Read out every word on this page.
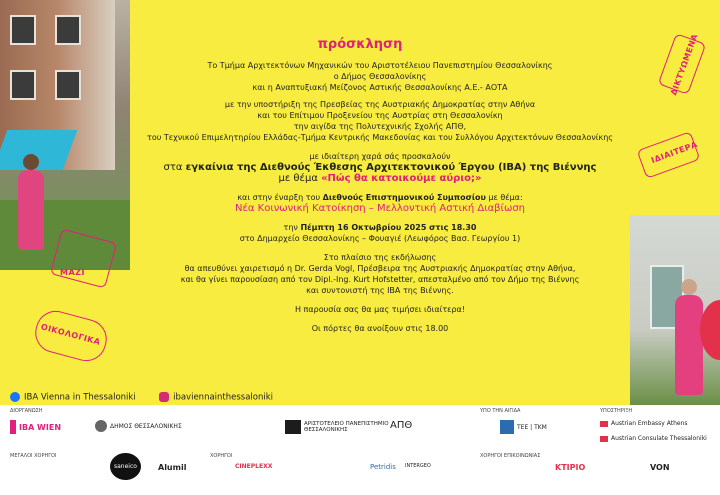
ΔΙΚΤΥΩΜΕΝΑ
ΙΔΙΑΙΤΕΡΑ
ΜΑΖΙ
ΟΙΚΟΛΟΓΙΚΑ
πρόσκληση
Το Τμήμα Αρχιτεκτόνων Μηχανικών του Αριστοτέλειου Πανεπιστημίου Θεσσαλονίκης
ο Δήμος Θεσσαλονίκης
και η Αναπτυξιακή Μείζονος Αστικής Θεσσαλονίκης Α.Ε.- ΑΟΤΑ
με την υποστήριξη της Πρεσβείας της Αυστριακής Δημοκρατίας στην Αθήνα
και του Επίτιμου Προξενείου της Αυστρίας στη Θεσσαλονίκη
την αιγίδα της Πολυτεχνικής Σχολής ΑΠΘ,
του Τεχνικού Επιμελητηρίου Ελλάδας-Τμήμα Κεντρικής Μακεδονίας και του Συλλόγου Αρχιτεκτόνων Θεσσαλονίκης
με ιδιαίτερη χαρά σάς προσκαλούν
στα εγκαίνια της Διεθνούς Έκθεσης Αρχιτεκτονικού Έργου (IBA) της Βιέννης
με θέμα «Πώς θα κατοικούμε αύριο;»
και στην έναρξη του Διεθνούς Επιστημονικού Συμποσίου με θέμα:
Νέα Κοινωνική Κατοίκηση – Μελλοντική Αστική Διαβίωση
την Πέμπτη 16 Οκτωβρίου 2025 στις 18.30
στο Δημαρχείο Θεσσαλονίκης – Φουαγιέ (Λεωφόρος Βασ. Γεωργίου 1)
Στο πλαίσιο της εκδήλωσης
θα απευθύνει χαιρετισμό η Dr. Gerda Vogl, Πρέσβειρα της Αυστριακής Δημοκρατίας στην Αθήνα,
και θα γίνει παρουσίαση από τον Dipl.-Ing. Kurt Hofstetter, απεσταλμένο από τον Δήμο της Βιέννης
και συντονιστή της ΙΒΑ της Βιέννης.
Η παρουσία σας θα μας τιμήσει ιδιαίτερα!
Οι πόρτες θα ανοίξουν στις 18.00
IBA Vienna in Thessaloniki	ibaviennainthessaloniki
ΔΙΟΡΓΑΝΩΣΗ	ΥΠΟ ΤΗΝ ΑΙΓΙΔΑ	ΥΠΟΣΤΗΡΙΞΗ
IBA WIEN	ΔΗΜΟΣ ΘΕΣΣΑΛΟΝΙΚΗΣ	ΑΡΙΣΤΟΤΕΛΕΙΟ ΠΑΝΕΠΙΣΤΗΜΙΟ ΘΕΣΣΑΛΟΝΙΚΗΣ	ΑΠΘ	ΤΕΕ | ΤΚΜ	Austrian Embassy Athens
Austrian Consulate Thessaloniki
ΜΕΓΑΛΟΙ ΧΟΡΗΓΟΙ	ΧΟΡΗΓΟΙ	ΧΟΡΗΓΟΙ ΕΠΙΚΟΙΝΩΝΙΑΣ
saneico	Alumil	CINEPLEXX	Petridis INTERGEO	KTIPIO	VON
